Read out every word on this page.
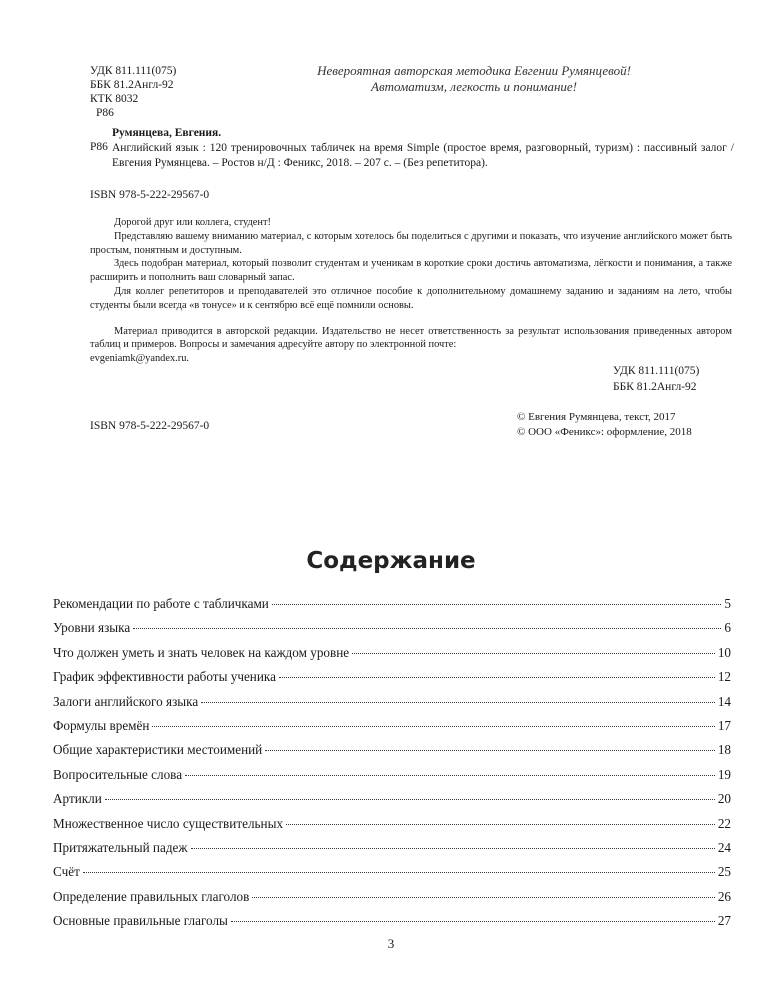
УДК 811.111(075)
ББК 81.2Англ-92
КТК 8032
Р86
Невероятная авторская методика Евгении Румянцевой!
Автоматизм, легкость и понимание!
Р86
Румянцева, Евгения.
Английский язык : 120 тренировочных табличек на время Simple (простое время, разговорный, туризм) : пассивный залог / Евгения Румянцева. – Ростов н/Д : Феникс, 2018. – 207 с. – (Без репетитора).
ISBN 978-5-222-29567-0

Дорогой друг или коллега, студент!

Представляю вашему вниманию материал, с которым хотелось бы поделиться с другими и показать, что изучение английского может быть простым, понятным и доступным.

Здесь подобран материал, который позволит студентам и ученикам в короткие сроки достичь автоматизма, лёгкости и понимания, а также расширить и пополнить ваш словарный запас.

Для коллег репетиторов и преподавателей это отличное пособие к дополнительному домашнему заданию и заданиям на лето, чтобы студенты были всегда «в тонусе» и к сентябрю всё ещё помнили основы.

Материал приводится в авторской редакции. Издательство не несет ответственность за результат использования приведенных автором таблиц и примеров. Вопросы и замечания адресуйте автору по электронной почте:

evgeniamk@yandex.ru.
УДК 811.111(075)
ББК 81.2Англ-92
ISBN 978-5-222-29567-0
© Евгения Румянцева, текст, 2017
© ООО «Феникс»: оформление, 2018
Содержание
Рекомендации по работе с табличками	5
Уровни языка	6
Что должен уметь и знать человек на каждом уровне	10
График эффективности работы ученика	12
Залоги английского языка	14
Формулы времён	17
Общие характеристики местоимений	18
Вопросительные слова	19
Артикли	20
Множественное число существительных	22
Притяжательный падеж	24
Счёт	25
Определение правильных глаголов	26
Основные правильные глаголы	27
3
